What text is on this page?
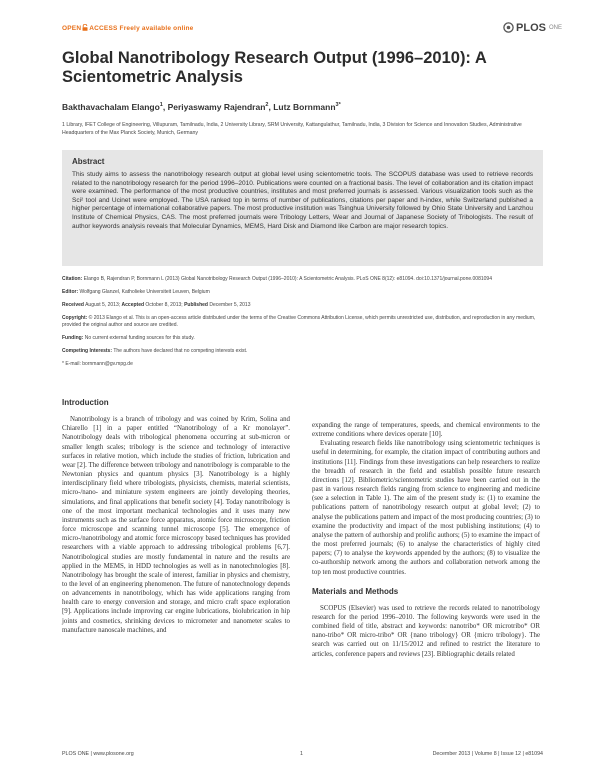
OPEN ACCESS Freely available online	PLOS ONE
Global Nanotribology Research Output (1996–2010): A Scientometric Analysis
Bakthavachalam Elango$^1$, Periyaswamy Rajendran$^2$, Lutz Bornmann$^{3*}$
1 Library, IFET College of Engineering, Villupuram, Tamilnadu, India, 2 University Library, SRM University, Kattangulathur, Tamilnadu, India, 3 Division for Science and Innovation Studies, Administrative Headquarters of the Max Planck Society, Munich, Germany
Abstract

This study aims to assess the nanotribology research output at global level using scientometric tools. The SCOPUS database was used to retrieve records related to the nanotribology research for the period 1996–2010. Publications were counted on a fractional basis. The level of collaboration and its citation impact were examined. The performance of the most productive countries, institutes and most preferred journals is assessed. Various visualization tools such as the Sci² tool and Ucinet were employed. The USA ranked top in terms of number of publications, citations per paper and h-index, while Switzerland published a higher percentage of international collaborative papers. The most productive institution was Tsinghua University followed by Ohio State University and Lanzhou Institute of Chemical Physics, CAS. The most preferred journals were Tribology Letters, Wear and Journal of Japanese Society of Tribologists. The result of author keywords analysis reveals that Molecular Dynamics, MEMS, Hard Disk and Diamond like Carbon are major research topics.

Citation: Elango B, Rajendran P, Bornmann L (2013) Global Nanotribology Research Output (1996–2010): A Scientometric Analysis. PLoS ONE 8(12): e81094. doi:10.1371/journal.pone.0081094

Editor: Wolfgang Glanzel, Katholieke Universiteit Leuven, Belgium

Received August 5, 2013; Accepted October 8, 2013; Published December 5, 2013

Copyright: © 2013 Elango et al. This is an open-access article distributed under the terms of the Creative Commons Attribution License, which permits unrestricted use, distribution, and reproduction in any medium, provided the original author and source are credited.

Funding: No current external funding sources for this study.

Competing Interests: The authors have declared that no competing interests exist.

* E-mail: bornmann@gv.mpg.de

Introduction

Nanotribology is a branch of tribology and was coined by Krim, Solina and Chiarello [1] in a paper entitled “Nanotribology of a Kr monolayer”. Nanotribology deals with tribological phenomena occurring at sub-micron or smaller length scales; tribology is the science and technology of interactive surfaces in relative motion, which include the studies of friction, lubrication and wear [2]. The difference between tribology and nanotribology is comparable to the Newtonian physics and quantum physics [3]. Nanotribology is a highly interdisciplinary field where tribologists, physicists, chemists, material scientists, micro-/nano- and miniature system engineers are jointly developing theories, simulations, and final applications that benefit society [4]. Today nanotribology is one of the most important mechanical technologies and it uses many new instruments such as the surface force apparatus, atomic force microscope, friction force microscope and scanning tunnel microscope [5]. The emergence of micro-/nanotribology and atomic force microscopy based techniques has provided researchers with a viable approach to addressing tribological problems [6,7]. Nanotribological studies are mostly fundamental in nature and the results are applied in the MEMS, in HDD technologies as well as in nanotechnologies [8]. Nanotribology has brought the scale of interest, familiar in physics and chemistry, to the level of an engineering phenomenon. The future of nanotechnology depends on advancements in nanotribology, which has wide applications ranging from health care to energy conversion and storage, and micro craft space exploration [9]. Applications include improving car engine lubrications, biolubrication in hip joints and cosmetics, shrinking devices to micrometer and nanometer scales to manufacture nanoscale machines, and

expanding the range of temperatures, speeds, and chemical environments to the extreme conditions where devices operate [10].

Evaluating research fields like nanotribology using scientometric techniques is useful in determining, for example, the citation impact of contributing authors and institutions [11]. Findings from these investigations can help researchers to realize the breadth of research in the field and establish possible future research directions [12]. Bibliometric/scientometric studies have been carried out in the past in various research fields ranging from science to engineering and medicine (see a selection in Table 1). The aim of the present study is: (1) to examine the publications pattern of nanotribology research output at global level; (2) to analyse the publications pattern and impact of the most producing countries; (3) to examine the productivity and impact of the most publishing institutions; (4) to analyse the pattern of authorship and prolific authors; (5) to examine the impact of the most preferred journals; (6) to analyse the characteristics of highly cited papers; (7) to analyse the keywords appended by the authors; (8) to visualize the co-authorship network among the authors and collaboration network among the top ten most productive countries.

Materials and Methods

SCOPUS (Elsevier) was used to retrieve the records related to nanotribology research for the period 1996–2010. The following keywords were used in the combined field of title, abstract and keywords: nanotribo* OR microtribo* OR nano-tribo* OR micro-tribo* OR {nano tribology} OR {micro tribology}. The search was carried out on 11/15/2012 and refined to restrict the literature to articles, conference papers and reviews [23]. Bibliographic details related

PLOS ONE | www.plosone.org	1	December 2013 | Volume 8 | Issue 12 | e81094
